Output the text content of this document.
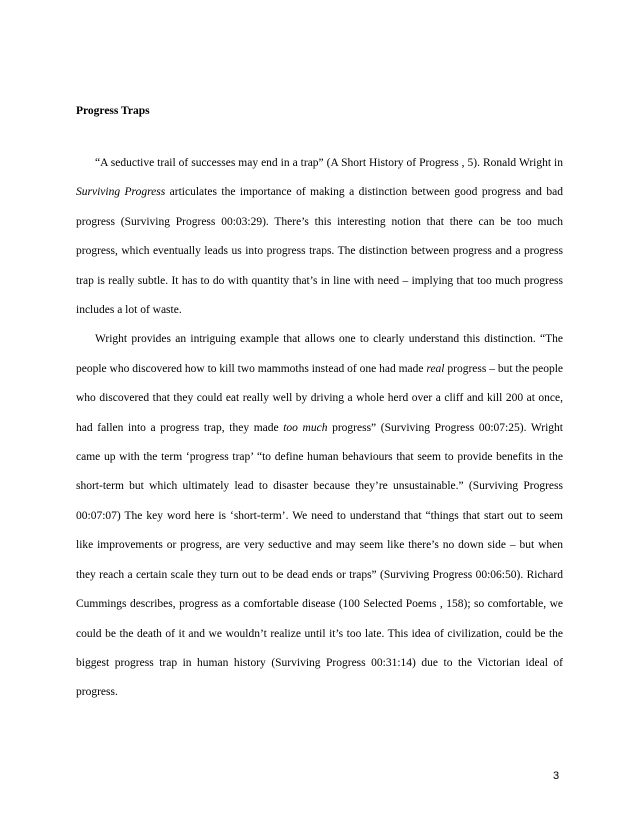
Progress Traps

“A seductive trail of successes may end in a trap” (A Short History of Progress , 5). Ronald Wright in Surviving Progress articulates the importance of making a distinction between good progress and bad progress (Surviving Progress 00:03:29). There’s this interesting notion that there can be too much progress, which eventually leads us into progress traps. The distinction between progress and a progress trap is really subtle. It has to do with quantity that’s in line with need – implying that too much progress includes a lot of waste.

Wright provides an intriguing example that allows one to clearly understand this distinction. “The people who discovered how to kill two mammoths instead of one had made real progress – but the people who discovered that they could eat really well by driving a whole herd over a cliff and kill 200 at once, had fallen into a progress trap, they made too much progress” (Surviving Progress 00:07:25). Wright came up with the term ‘progress trap’ “to define human behaviours that seem to provide benefits in the short-term but which ultimately lead to disaster because they’re unsustainable.” (Surviving Progress 00:07:07) The key word here is ‘short-term’. We need to understand that “things that start out to seem like improvements or progress, are very seductive and may seem like there’s no down side – but when they reach a certain scale they turn out to be dead ends or traps” (Surviving Progress 00:06:50). Richard Cummings describes, progress as a comfortable disease (100 Selected Poems , 158); so comfortable, we could be the death of it and we wouldn’t realize until it’s too late. This idea of civilization, could be the biggest progress trap in human history (Surviving Progress 00:31:14) due to the Victorian ideal of progress.

3
